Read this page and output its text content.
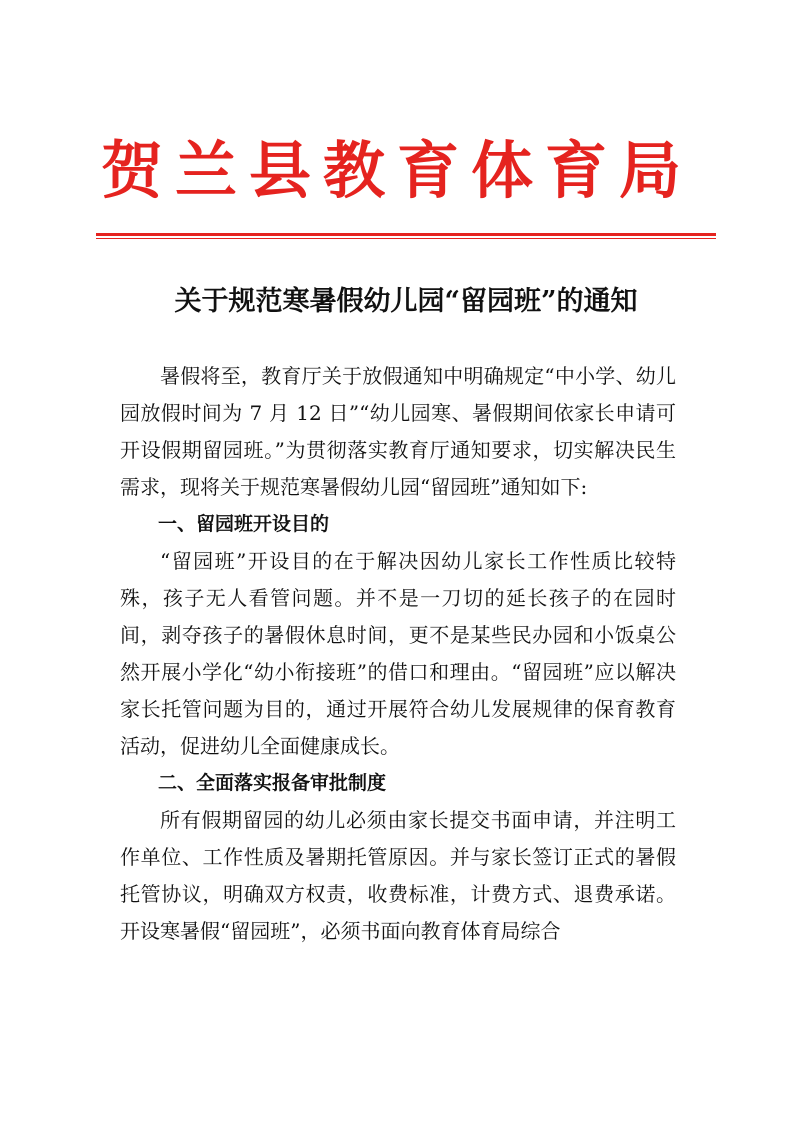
贺兰县教育体育局
关于规范寒暑假幼儿园“留园班”的通知

暑假将至，教育厅关于放假通知中明确规定“中小学、幼儿园放假时间为 7 月 12 日”“幼儿园寒、暑假期间依家长申请可开设假期留园班。”为贯彻落实教育厅通知要求，切实解决民生需求，现将关于规范寒暑假幼儿园“留园班”通知如下:

一、留园班开设目的

“留园班”开设目的在于解决因幼儿家长工作性质比较特殊，孩子无人看管问题。并不是一刀切的延长孩子的在园时间，剥夺孩子的暑假休息时间，更不是某些民办园和小饭桌公然开展小学化“幼小衔接班”的借口和理由。“留园班”应以解决家长托管问题为目的，通过开展符合幼儿发展规律的保育教育活动，促进幼儿全面健康成长。

二、全面落实报备审批制度

所有假期留园的幼儿必须由家长提交书面申请，并注明工作单位、工作性质及暑期托管原因。并与家长签订正式的暑假托管协议，明确双方权责，收费标准，计费方式、退费承诺。开设寒暑假“留园班”，必须书面向教育体育局综合
